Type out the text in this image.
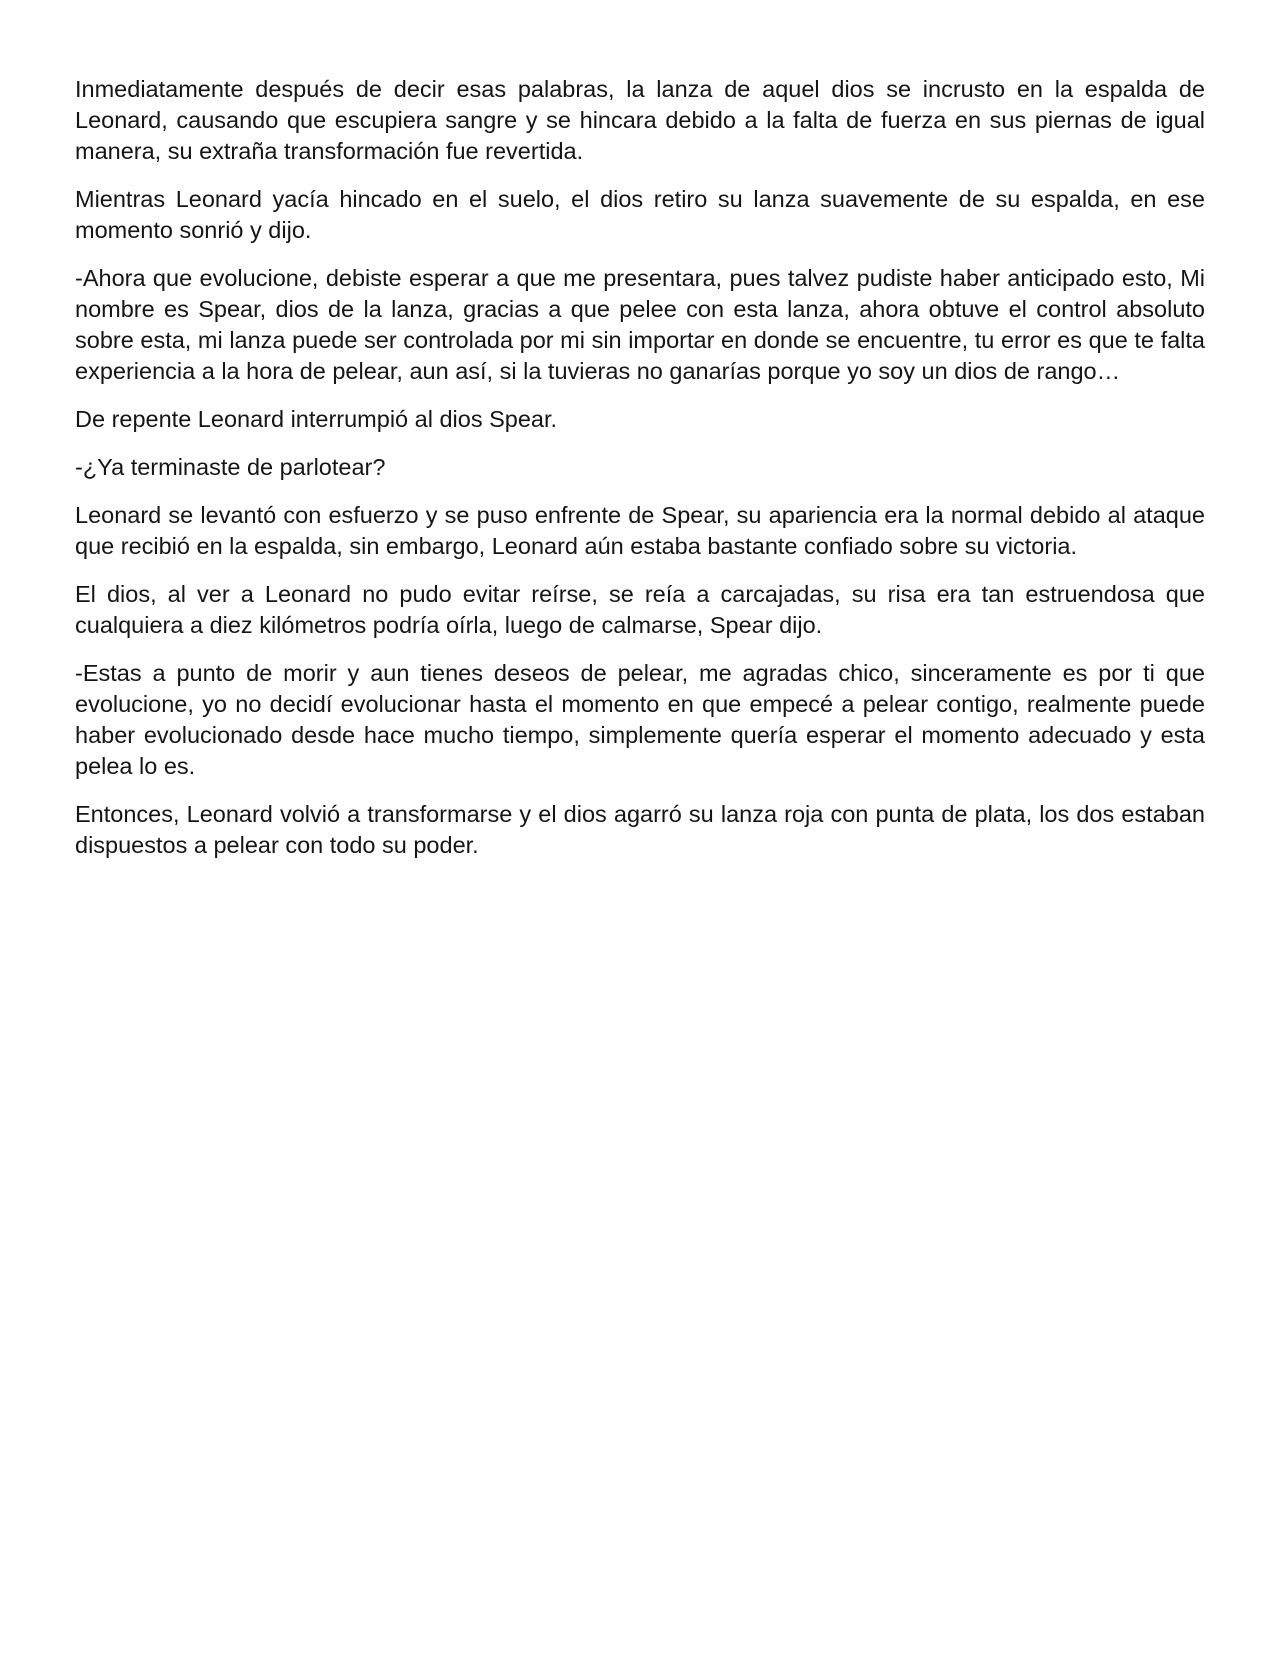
Inmediatamente después de decir esas palabras, la lanza de aquel dios se incrusto en la espalda de Leonard, causando que escupiera sangre y se hincara debido a la falta de fuerza en sus piernas de igual manera, su extraña transformación fue revertida.

Mientras Leonard yacía hincado en el suelo, el dios retiro su lanza suavemente de su espalda, en ese momento sonrió y dijo.

-Ahora que evolucione, debiste esperar a que me presentara, pues talvez pudiste haber anticipado esto, Mi nombre es Spear, dios de la lanza, gracias a que pelee con esta lanza, ahora obtuve el control absoluto sobre esta, mi lanza puede ser controlada por mi sin importar en donde se encuentre, tu error es que te falta experiencia a la hora de pelear, aun así, si la tuvieras no ganarías porque yo soy un dios de rango…

De repente Leonard interrumpió al dios Spear.

-¿Ya terminaste de parlotear?

Leonard se levantó con esfuerzo y se puso enfrente de Spear, su apariencia era la normal debido al ataque que recibió en la espalda, sin embargo, Leonard aún estaba bastante confiado sobre su victoria.

El dios, al ver a Leonard no pudo evitar reírse, se reía a carcajadas, su risa era tan estruendosa que cualquiera a diez kilómetros podría oírla, luego de calmarse, Spear dijo.

-Estas a punto de morir y aun tienes deseos de pelear, me agradas chico, sinceramente es por ti que evolucione, yo no decidí evolucionar hasta el momento en que empecé a pelear contigo, realmente puede haber evolucionado desde hace mucho tiempo, simplemente quería esperar el momento adecuado y esta pelea lo es.

Entonces, Leonard volvió a transformarse y el dios agarró su lanza roja con punta de plata, los dos estaban dispuestos a pelear con todo su poder.
